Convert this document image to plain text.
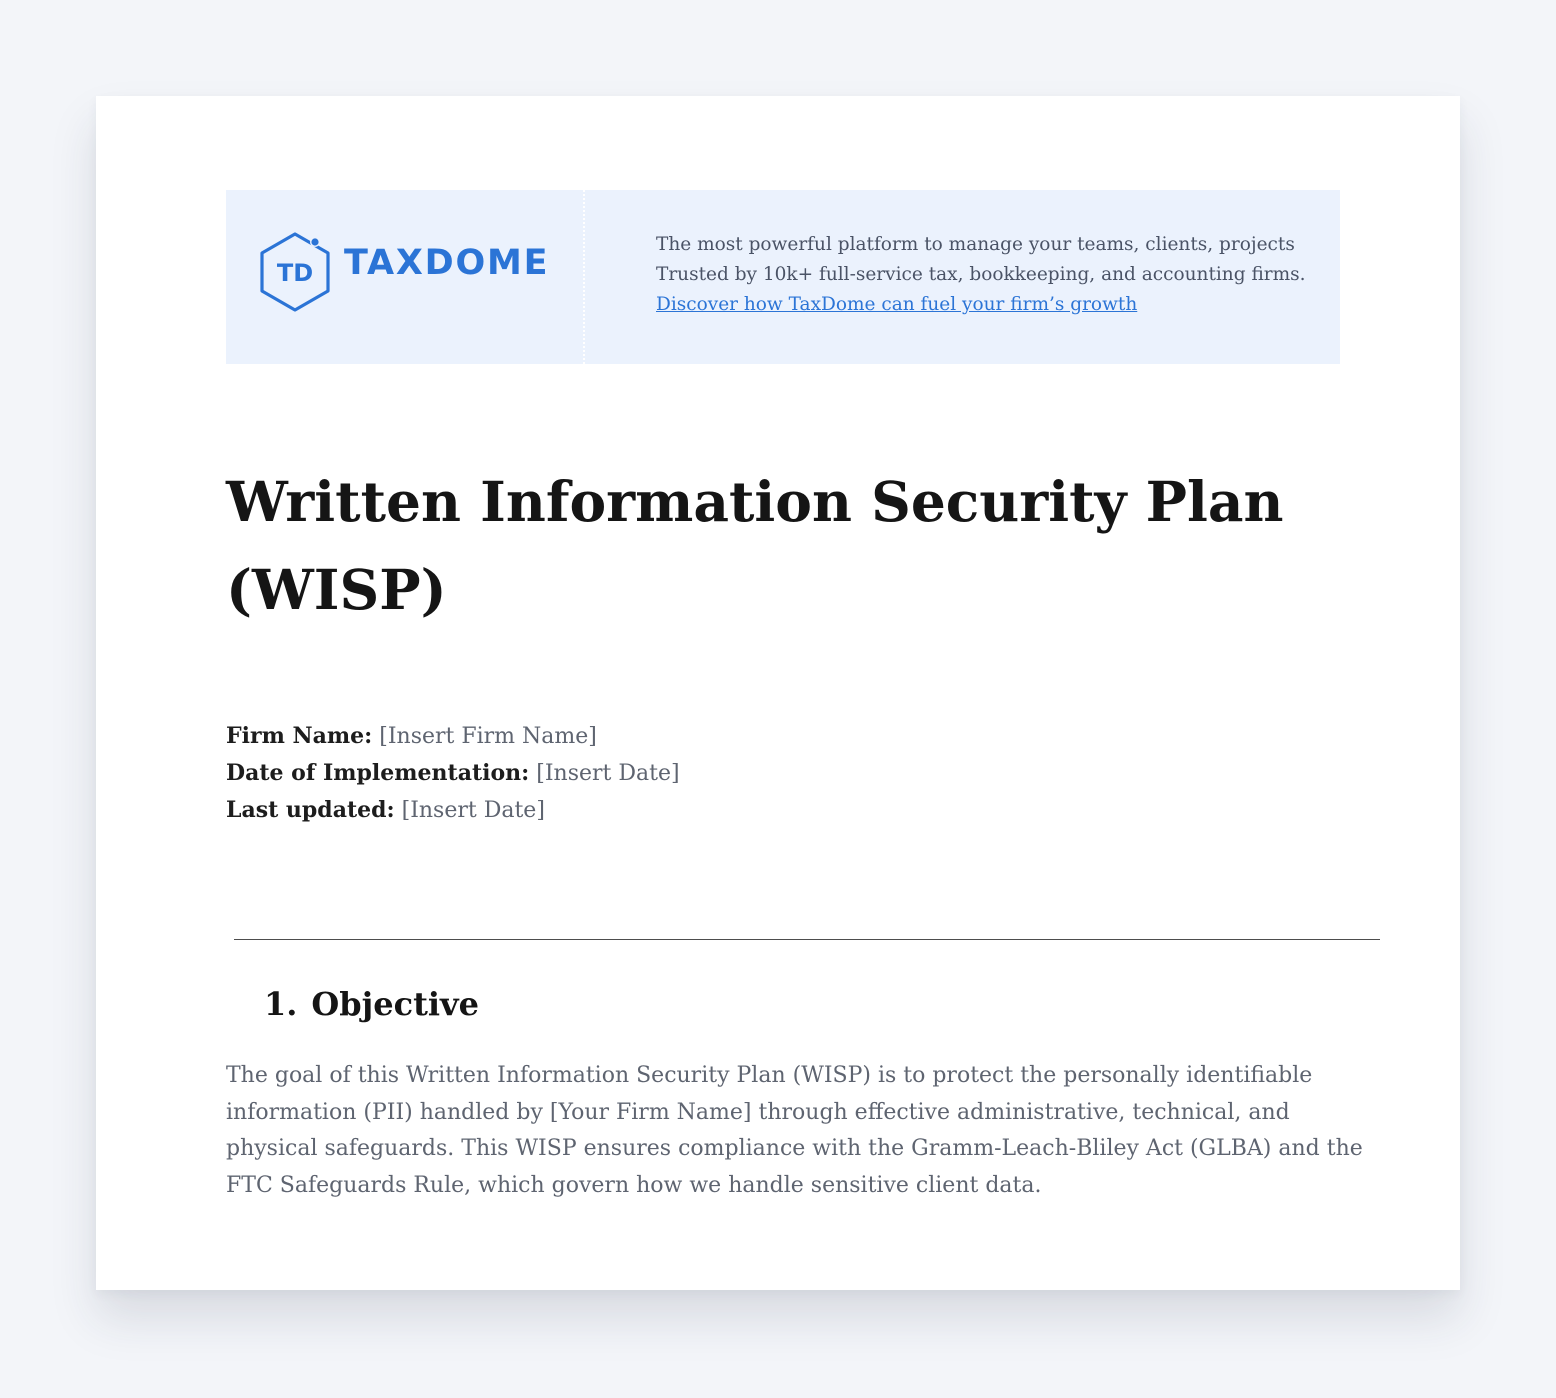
TD TAXDOME	The most powerful platform to manage your teams, clients, projects
Trusted by 10k+ full-service tax, bookkeeping, and accounting firms.
Discover how TaxDome can fuel your firm’s growth
Written Information Security Plan (WISP)
Firm Name: [Insert Firm Name]
Date of Implementation: [Insert Date]
Last updated: [Insert Date]
1. Objective

The goal of this Written Information Security Plan (WISP) is to protect the personally identifiable information (PII) handled by [Your Firm Name] through effective administrative, technical, and physical safeguards. This WISP ensures compliance with the Gramm-Leach-Bliley Act (GLBA) and the FTC Safeguards Rule, which govern how we handle sensitive client data.
